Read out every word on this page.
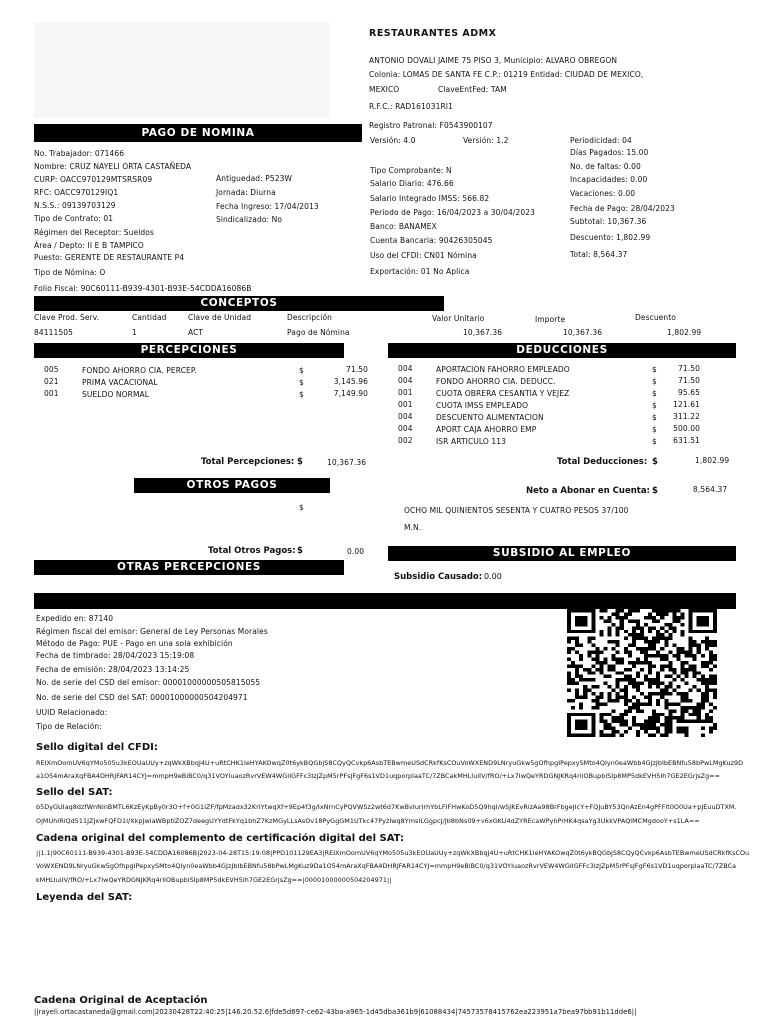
RESTAURANTES ADMX
ANTONIO DOVALI JAIME 75 PISO 3, Municipio: ALVARO OBREGON
Colonia: LOMAS DE SANTA FE C.P.: 01219 Entidad: CIUDAD DE MEXICO,
MEXICO	ClaveEntFed: TAM
R.F.C.: RAD161031RI1
Registro Patronal: F0543900107
PAGO DE NOMINA
No. Trabajador: 071466
Nombre: CRUZ NAYELI ORTA CASTAÑEDA
CURP: OACC970129MTSRSR09
RFC: OACC970129IQ1
N.S.S.: 09139703129
Tipo de Contrato: 01
Régimen del Receptor: Sueldos
Área / Depto: II E B TAMPICO
Puesto: GERENTE DE RESTAURANTE P4
Tipo de Nómina: O
Folio Fiscal: 90C60111-B939-4301-B93E-54CDDA16086B
Antiguedad: P523W
Jornada: Diurna
Fecha Ingreso: 17/04/2013
Sindicalizado: No
Versión: 4.0	Versión: 1.2
Tipo Comprobante: N
Salario Diario: 476.66
Salario Integrado IMSS: 566.82
Periodo de Pago: 16/04/2023 a 30/04/2023
Banco: BANAMEX
Cuenta Bancaria: 90426305045
Uso del CFDI: CN01 Nómina
Exportación: 01 No Aplica
Periodicidad: 04
Días Pagados: 15.00
No. de faltas: 0.00
Incapacidades: 0.00
Vacaciones: 0.00
Fecha de Pago: 28/04/2023
Subtotal: 10,367.36
Descuento: 1,802.99
Total: 8,564.37
CONCEPTOS
Clave Prod. Serv.	Cantidad	Clave de Unidad	Descripción	Valor Unitario	Importe	Descuento
84111505	1	ACT	Pago de Nómina	10,367.36	10,367.36	1,802.99
PERCEPCIONES	DEDUCCIONES
005	FONDO AHORRO CIA. PERCEP.	$	71.50
021	PRIMA VACACIONAL	$	3,145.96
001	SUELDO NORMAL	$	7,149.90
004	APORTACION FAHORRO EMPLEADO	$	71.50
004	FONDO AHORRO CIA. DEDUCC.	$	71.50
001	CUOTA OBRERA CESANTIA Y VEJEZ	$	95.65
001	CUOTA IMSS EMPLEADO	$	121.61
004	DESCUENTO ALIMENTACION	$	311.22
004	APORT CAJA AHORRO EMP	$	500.00
002	ISR ARTICULO 113	$	631.51
Total Percepciones: $	10,367.36	Total Deducciones: $	1,802.99
OTROS PAGOS
$
Neto a Abonar en Cuenta: $	8,564.37
OCHO MIL QUINIENTOS SESENTA Y CUATRO PESOS 37/100
M.N.
Total Otros Pagos: $	0.00	SUBSIDIO AL EMPLEO
OTRAS PERCEPCIONES
Subsidio Causado: 0.00
Expedido en: 87140
Régimen fiscal del emisor: General de Ley Personas Morales
Método de Pago: PUE - Pago en una sola exhibición
Fecha de timbrado: 28/04/2023 15:19:08
Fecha de emisión: 28/04/2023 13:14:25
No. de serie del CSD del emisor: 00001000000505815055
No. de serie del CSD del SAT: 00001000000504204971
UUID Relacionado:
Tipo de Relación:
Sello digital del CFDI:
REIXmOomUV6qYMo505u3kEOUaUUy+zqWkXBbqJ4U+uRtCHK1IeHYAKOwqZ0t6ykBQGbjS8CQyQCvkp6AsbTEBwmeUSdCRkfKsCOuVoWXEND9LNryuGkw5gOfhpgIPepxySMto4QIyn0eaWbb4GJzJbIbEBNfu58bPwLMgKuz9D
a1O54mAraXqFBA4DHRJFAR14CYJ=mmpH9eBiBC0/q31VOYIuaozRvrVEW4WGIIGFFc3IzJZpM5rPFsJFgF6s1VD1uqporplaaTC/7ZBCakMHLIuiIV/fRO/+Lx7IwQeYRDGNJKRq4rliOBupbiSIp8MP5dkEVH5Ih7GE2EGrjsZg==
Sello del SAT:
b5DyGUIaq8dzfWnNlnBMTL6KzEyKpBy0r3O+f+0G1IZF/fpMzadx32KrIYtwqXf+9Ep4f3g/IxNrnCyPQVWSz2wt6d7KwBvIurIrhYbLFIFHwKoD5Q9hqI/wSJKEvRizAa98BrFbgeJIcY+FQJuBY53QnAzEn4gPFFlt0O0Ua+pJEuuDTXM.
OjMUhIRiQd511JZJxwFQFD1I/XkpJwlaWBptIZOZ7deegUYYdtFkYq1bhZ7KzMGyLLsAsOv18PyGgGM1UTkc47PyzIwq8YmsILGgpcJ/Jb8bNs09+v6xGKU4dZYREcaWPyhPrHK4qsaYg3UkkVPAQlMCMgdooY+s1LA==
Cadena original del complemento de certificación digital del SAT:
||1.1|90C60111-B939-4301-B93E-54CDDA16086B|2023-04-28T15:19:08|PPD101129EA3|REIXmOomUV6qYMo505u3kEOUaUUy+zqWkXBbqJ4U+uRtCHK1IeHYAKOwqZ0t6ykBQGbjS8CQyQCvkp6AsbTEBwmeUSdCRkfKsCOu
VoWXEND9LNryuGkw5gOfhpgIPepxySMto4QIyn0eaWbb4GJzJbIbEBNfu58bPwLMgKuz9Da1O54mAraXqFBA4DHRJFAR14CYJ=mmpH9eBiBC0/q31VOYIuaozRvrVEW4WGIIGFFc3IzJZpM5rPFsJFgF6s1VD1uqporplaaTC/7ZBCa
kMHLIuiIV/fRO/+Lx7IwQeYRDGNJKRq4rliOBupbiSIp8MP5dkEVH5Ih7GE2EGrjsZg==|00001000000504204971||
Leyenda del SAT:
Cadena Original de Aceptación
||rayeli.ortacastaneda@gmail.com|20230428T22:40:25|146.20.52.6|fde5d697-ce62-43ba-a965-1d45dba361b9|61088434|74573578415762ea223951a7bea97bb91b11dde6||
